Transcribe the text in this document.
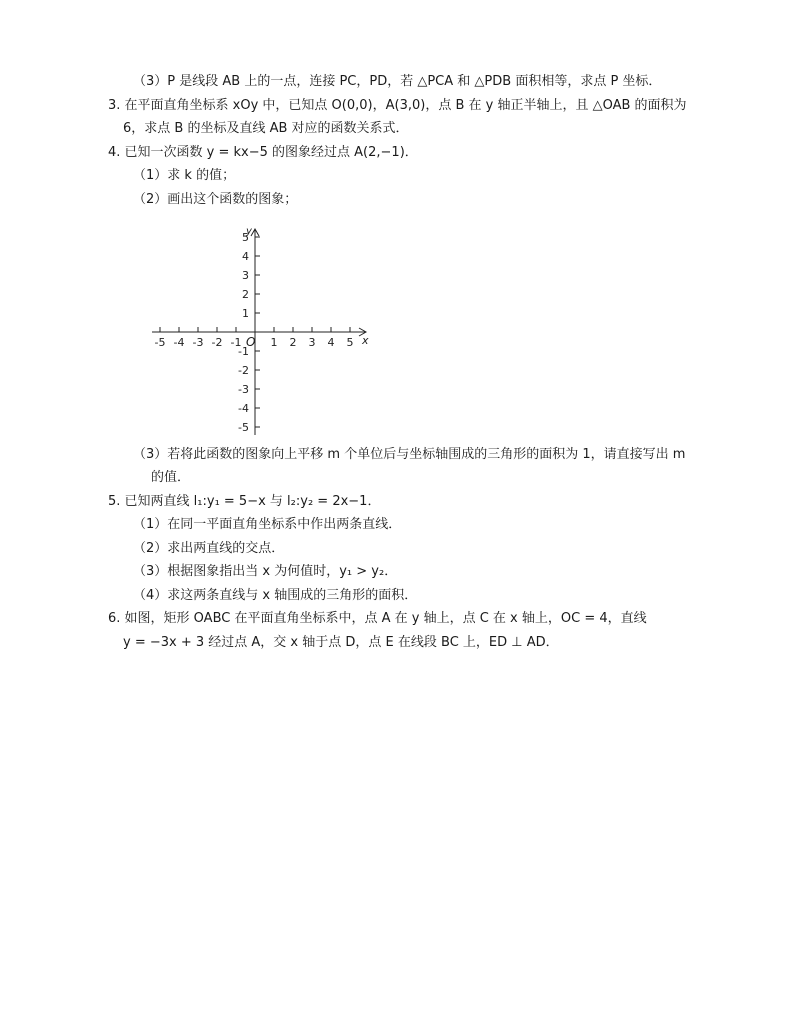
（3）P 是线段 AB 上的一点，连接 PC，PD，若 △PCA 和 △PDB 面积相等，求点 P 坐标．
3. 在平面直角坐标系 xOy 中，已知点 O(0,0)，A(3,0)，点 B 在 y 轴正半轴上，且 △OAB 的面积为
6，求点 B 的坐标及直线 AB 对应的函数关系式．
4. 已知一次函数 y = kx−5 的图象经过点 A(2,−1)．
（1）求 k 的值；
（2）画出这个函数的图象；
（3）若将此函数的图象向上平移 m 个单位后与坐标轴围成的三角形的面积为 1，请直接写出 m
的值．
5. 已知两直线 l₁:y₁ = 5−x 与 l₂:y₂ = 2x−1．
（1）在同一平面直角坐标系中作出两条直线．
（2）求出两直线的交点．
（3）根据图象指出当 x 为何值时，y₁ > y₂．
（4）求这两条直线与 x 轴围成的三角形的面积．
6. 如图，矩形 OABC 在平面直角坐标系中，点 A 在 y 轴上，点 C 在 x 轴上，OC = 4，直线
y = −3x + 3 经过点 A，交 x 轴于点 D，点 E 在线段 BC 上，ED ⊥ AD．
-5 -4 -3 -2 -1	1 2 3 4 5
5
4
3
2
1
-1
-2
-3
-4
-5
O	x
y
